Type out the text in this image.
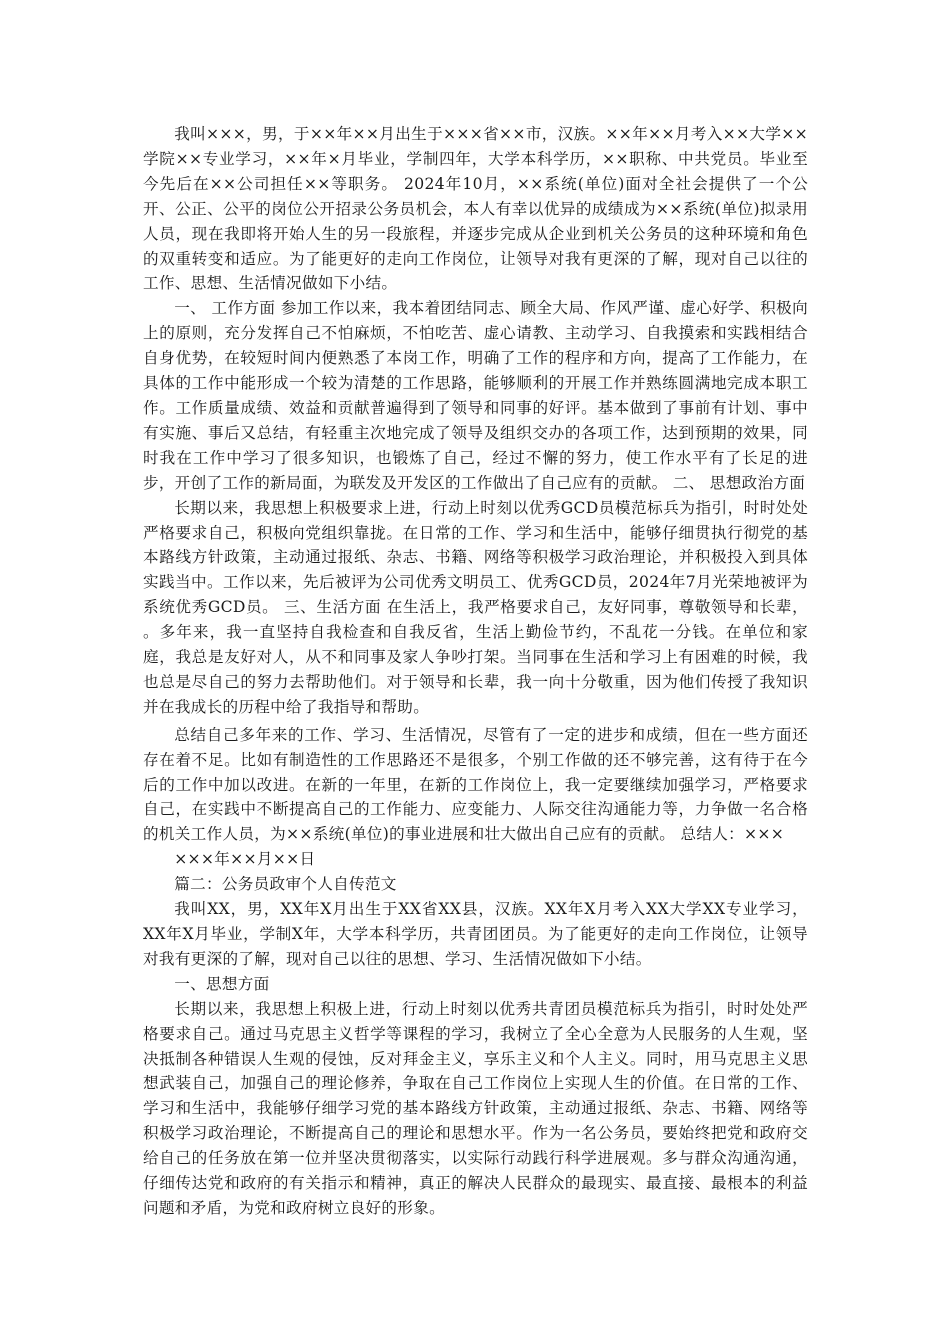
我叫×××，男，于××年××月出生于×××省××市，汉族。××年××月考入××大学××学院××专业学习，××年×月毕业，学制四年，大学本科学历，××职称、中共党员。毕业至今先后在××公司担任××等职务。 2024年10月，××系统(单位)面对全社会提供了一个公开、公正、公平的岗位公开招录公务员机会，本人有幸以优异的成绩成为××系统(单位)拟录用人员，现在我即将开始人生的另一段旅程，并逐步完成从企业到机关公务员的这种环境和角色的双重转变和适应。为了能更好的走向工作岗位，让领导对我有更深的了解，现对自己以往的工作、思想、生活情况做如下小结。

一、 工作方面 参加工作以来，我本着团结同志、顾全大局、作风严谨、虚心好学、积极向上的原则，充分发挥自己不怕麻烦，不怕吃苦、虚心请教、主动学习、自我摸索和实践相结合自身优势，在较短时间内便熟悉了本岗工作，明确了工作的程序和方向，提高了工作能力，在具体的工作中能形成一个较为清楚的工作思路，能够顺利的开展工作并熟练圆满地完成本职工作。工作质量成绩、效益和贡献普遍得到了领导和同事的好评。基本做到了事前有计划、事中有实施、事后又总结，有轻重主次地完成了领导及组织交办的各项工作，达到预期的效果，同时我在工作中学习了很多知识，也锻炼了自己，经过不懈的努力，使工作水平有了长足的进步，开创了工作的新局面，为联发及开发区的工作做出了自己应有的贡献。 二、 思想政治方面

长期以来，我思想上积极要求上进，行动上时刻以优秀GCD员模范标兵为指引，时时处处严格要求自己，积极向党组织靠拢。在日常的工作、学习和生活中，能够仔细贯执行彻党的基本路线方针政策，主动通过报纸、杂志、书籍、网络等积极学习政治理论，并积极投入到具体实践当中。工作以来，先后被评为公司优秀文明员工、优秀GCD员，2024年7月光荣地被评为系统优秀GCD员。 三、生活方面 在生活上，我严格要求自己，友好同事，尊敬领导和长辈， 。多年来，我一直坚持自我检查和自我反省，生活上勤俭节约，不乱花一分钱。在单位和家庭，我总是友好对人，从不和同事及家人争吵打架。当同事在生活和学习上有困难的时候，我也总是尽自己的努力去帮助他们。对于领导和长辈，我一向十分敬重，因为他们传授了我知识并在我成长的历程中给了我指导和帮助。

总结自己多年来的工作、学习、生活情况，尽管有了一定的进步和成绩，但在一些方面还存在着不足。比如有制造性的工作思路还不是很多，个别工作做的还不够完善，这有待于在今后的工作中加以改进。在新的一年里，在新的工作岗位上，我一定要继续加强学习，严格要求自己，在实践中不断提高自己的工作能力、应变能力、人际交往沟通能力等，力争做一名合格的机关工作人员，为××系统(单位)的事业进展和壮大做出自己应有的贡献。 总结人：×××

×××年××月××日

篇二：公务员政审个人自传范文

我叫XX，男，XX年X月出生于XX省XX县，汉族。XX年X月考入XX大学XX专业学习，XX年X月毕业，学制X年，大学本科学历，共青团团员。为了能更好的走向工作岗位，让领导对我有更深的了解，现对自己以往的思想、学习、生活情况做如下小结。

一、思想方面

长期以来，我思想上积极上进，行动上时刻以优秀共青团员模范标兵为指引，时时处处严格要求自己。通过马克思主义哲学等课程的学习，我树立了全心全意为人民服务的人生观，坚决抵制各种错误人生观的侵蚀，反对拜金主义，享乐主义和个人主义。同时，用马克思主义思想武装自己，加强自己的理论修养，争取在自己工作岗位上实现人生的价值。在日常的工作、学习和生活中，我能够仔细学习党的基本路线方针政策，主动通过报纸、杂志、书籍、网络等积极学习政治理论，不断提高自己的理论和思想水平。作为一名公务员，要始终把党和政府交给自己的任务放在第一位并坚决贯彻落实，以实际行动践行科学进展观。多与群众沟通沟通，仔细传达党和政府的有关指示和精神，真正的解决人民群众的最现实、最直接、最根本的利益问题和矛盾，为党和政府树立良好的形象。
